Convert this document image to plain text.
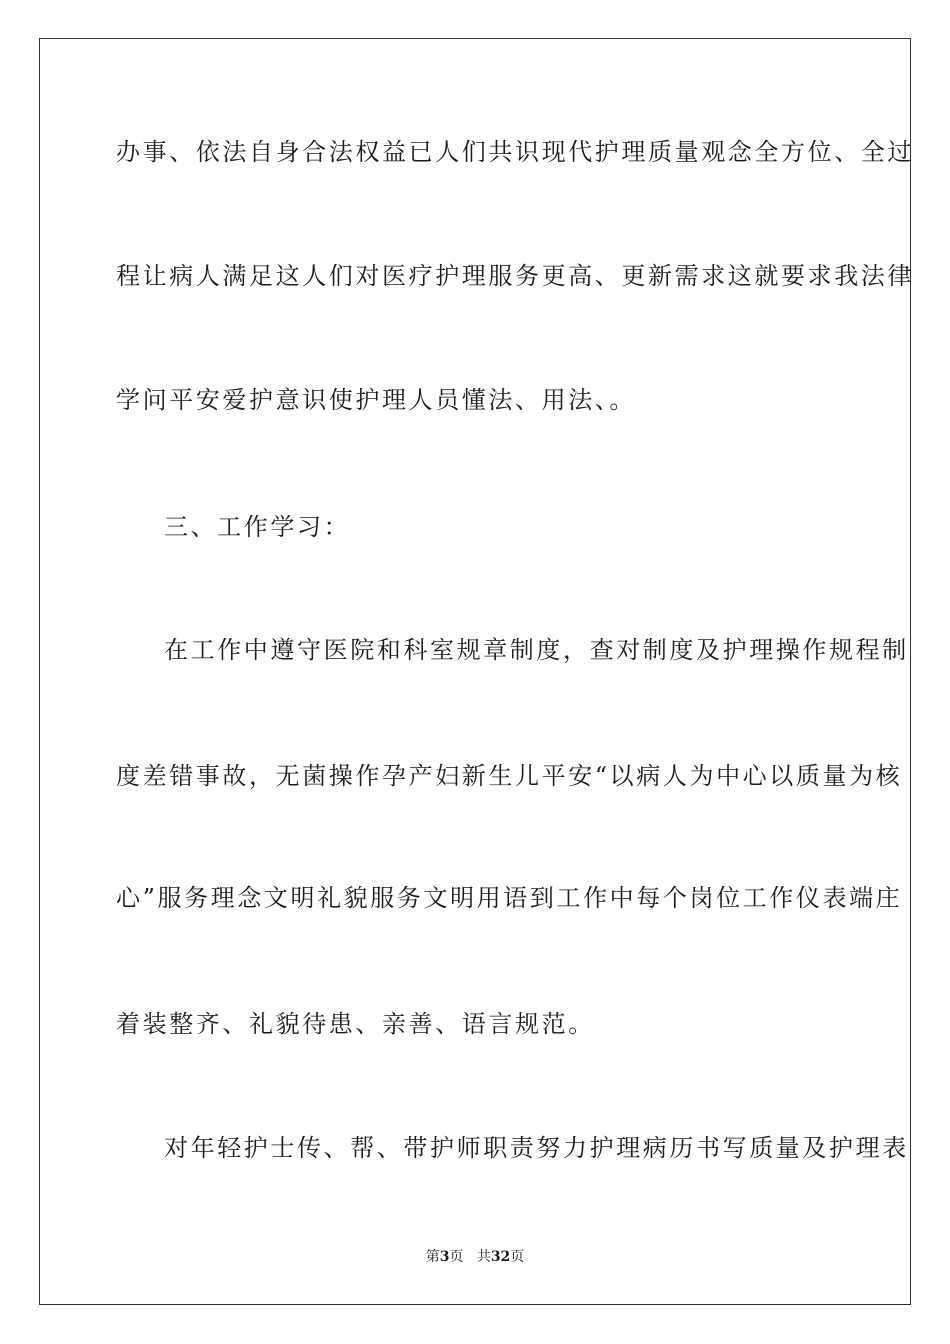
办事、依法自身合法权益已人们共识现代护理质量观念全方位、全过
程让病人满足这人们对医疗护理服务更高、更新需求这就要求我法律
学问平安爱护意识使护理人员懂法、用法、。
三、工作学习：
在工作中遵守医院和科室规章制度，查对制度及护理操作规程制
度差错事故，无菌操作孕产妇新生儿平安“以病人为中心以质量为核
心”服务理念文明礼貌服务文明用语到工作中每个岗位工作仪表端庄
着装整齐、礼貌待患、亲善、语言规范。
对年轻护士传、帮、带护师职责努力护理病历书写质量及护理表
第3页 共32页
